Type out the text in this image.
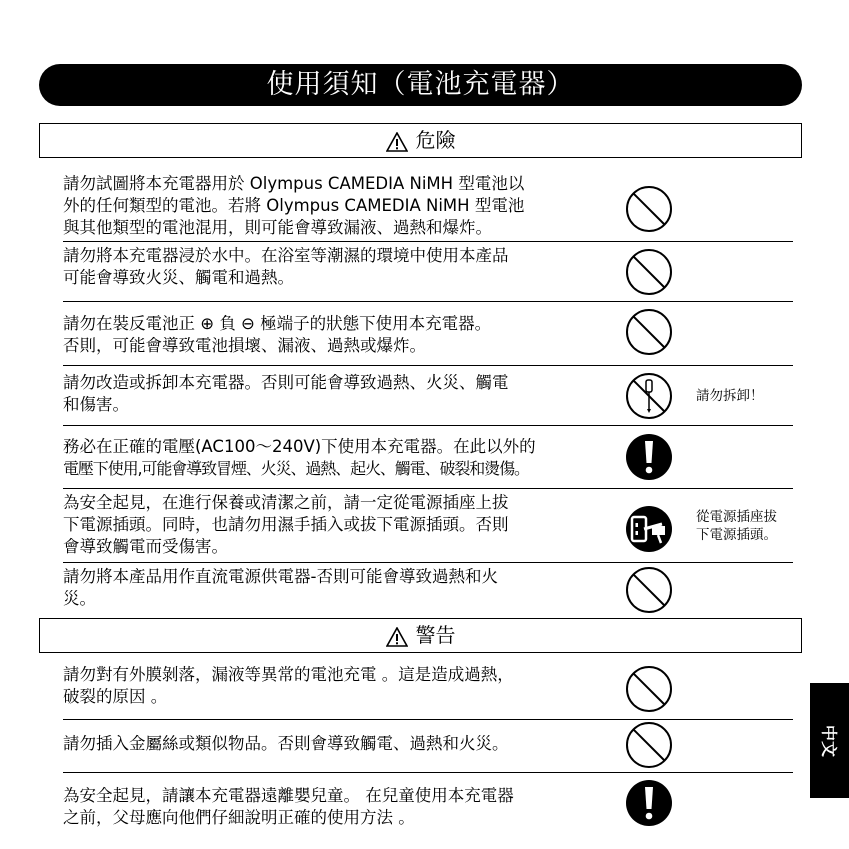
使用須知（電池充電器）
危險
請勿試圖將本充電器用於 Olympus CAMEDIA NiMH 型電池以
外的任何類型的電池。若將 Olympus CAMEDIA NiMH 型電池
與其他類型的電池混用，則可能會導致漏液、過熱和爆炸。
請勿將本充電器浸於水中。在浴室等潮濕的環境中使用本產品
可能會導致火災、觸電和過熱。
請勿在裝反電池正 ⊕ 負 ⊖ 極端子的狀態下使用本充電器。
否則，可能會導致電池損壞、漏液、過熱或爆炸。
請勿改造或拆卸本充電器。否則可能會導致過熱、火災、觸電
和傷害。	請勿拆卸！
務必在正確的電壓(AC100～240V)下使用本充電器。在此以外的
電壓下使用,可能會導致冒煙、火災、過熱、起火、觸電、破裂和燙傷。
為安全起見，在進行保養或清潔之前，請一定從電源插座上拔
下電源插頭。同時，也請勿用濕手插入或拔下電源插頭。否則
會導致觸電而受傷害。
從電源插座拔
下電源插頭。
請勿將本產品用作直流電源供電器-否則可能會導致過熱和火
災。
警告
請勿對有外膜剝落，漏液等異常的電池充電 。這是造成過熱，
破裂的原因 。
請勿插入金屬絲或類似物品。否則會導致觸電、過熱和火災。
為安全起見，請讓本充電器遠離嬰兒童。 在兒童使用本充電器
之前，父母應向他們仔細說明正確的使用方法 。
中文
